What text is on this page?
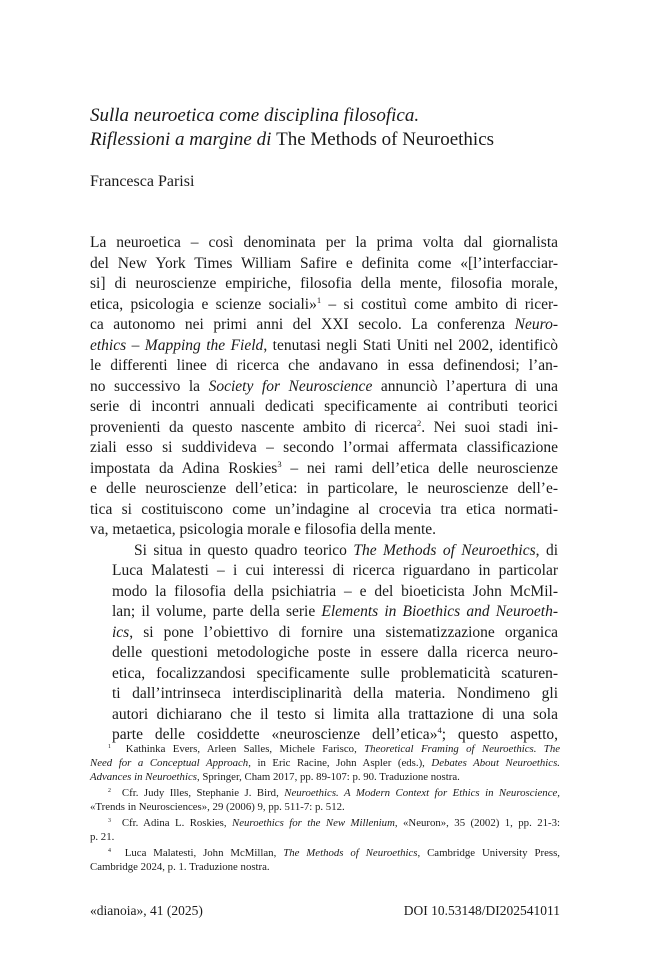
Sulla neuroetica come disciplina filosofica.
Riflessioni a margine di The Methods of Neuroethics

Francesca Parisi

La neuroetica – così denominata per la prima volta dal giornalista
del New York Times William Safire e definita come «[l’interfacciar-
si] di neuroscienze empiriche, filosofia della mente, filosofia morale,
etica, psicologia e scienze sociali»$^1$ – si costituì come ambito di ricer-
ca autonomo nei primi anni del XXI secolo. La conferenza Neuro-
ethics – Mapping the Field, tenutasi negli Stati Uniti nel 2002, identificò
le differenti linee di ricerca che andavano in essa definendosi; l’an-
no successivo la Society for Neuroscience annunciò l’apertura di una
serie di incontri annuali dedicati specificamente ai contributi teorici
provenienti da questo nascente ambito di ricerca$^2$. Nei suoi stadi ini-
ziali esso si suddivideva – secondo l’ormai affermata classificazione
impostata da Adina Roskies$^3$ – nei rami dell’etica delle neuroscienze
e delle neuroscienze dell’etica: in particolare, le neuroscienze dell’e-
tica si costituiscono come un’indagine al crocevia tra etica normati-
va, metaetica, psicologia morale e filosofia della mente.

Si situa in questo quadro teorico The Methods of Neuroethics, di
Luca Malatesti – i cui interessi di ricerca riguardano in particolar
modo la filosofia della psichiatria – e del bioeticista John McMil-
lan; il volume, parte della serie Elements in Bioethics and Neuroeth-
ics, si pone l’obiettivo di fornire una sistematizzazione organica
delle questioni metodologiche poste in essere dalla ricerca neuro-
etica, focalizzandosi specificamente sulle problematicità scaturen-
ti dall’intrinseca interdisciplinarità della materia. Nondimeno gli
autori dichiarano che il testo si limita alla trattazione di una sola
parte delle cosiddette «neuroscienze dell’etica»$^4$; questo aspetto,

$^1$ Kathinka Evers, Arleen Salles, Michele Farisco, Theoretical Framing of Neuroethics. The
Need for a Conceptual Approach, in Eric Racine, John Aspler (eds.), Debates About Neuroethics.
Advances in Neuroethics, Springer, Cham 2017, pp. 89-107: p. 90. Traduzione nostra.
$^2$ Cfr. Judy Illes, Stephanie J. Bird, Neuroethics. A Modern Context for Ethics in Neuroscience,
«Trends in Neurosciences», 29 (2006) 9, pp. 511-7: p. 512.
$^3$ Cfr. Adina L. Roskies, Neuroethics for the New Millenium, «Neuron», 35 (2002) 1, pp. 21-3:
p. 21.
$^4$ Luca Malatesti, John McMillan, The Methods of Neuroethics, Cambridge University Press,
Cambridge 2024, p. 1. Traduzione nostra.
«dianoia», 41 (2025)	DOI 10.53148/DI202541011
